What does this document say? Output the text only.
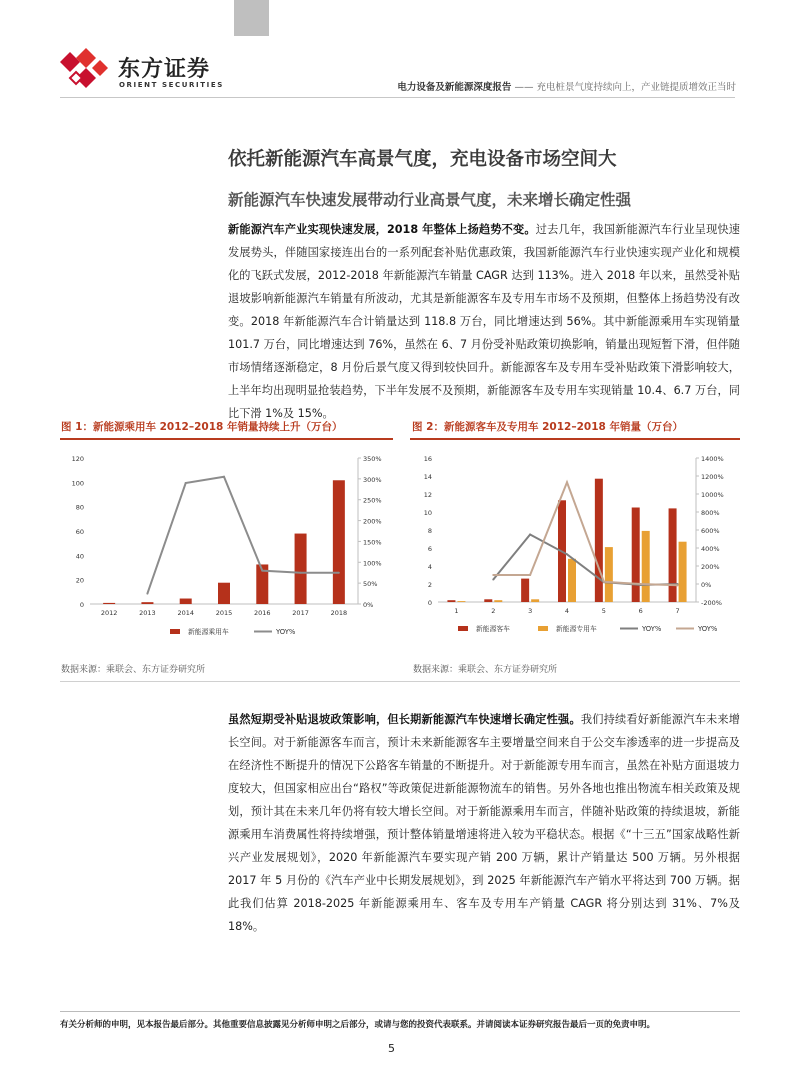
东方证券
ORIENT SECURITIES	电力设备及新能源深度报告 —— 充电桩景气度持续向上，产业链提质增效正当时
依托新能源汽车高景气度，充电设备市场空间大
新能源汽车快速发展带动行业高景气度，未来增长确定性强

新能源汽车产业实现快速发展，2018 年整体上扬趋势不变。过去几年，我国新能源汽车行业呈现快速发展势头，伴随国家接连出台的一系列配套补贴优惠政策，我国新能源汽车行业快速实现产业化和规模化的飞跃式发展，2012-2018 年新能源汽车销量 CAGR 达到 113%。进入 2018 年以来，虽然受补贴退坡影响新能源汽车销量有所波动，尤其是新能源客车及专用车市场不及预期，但整体上扬趋势没有改变。2018 年新能源汽车合计销量达到 118.8 万台，同比增速达到 56%。其中新能源乘用车实现销量 101.7 万台，同比增速达到 76%，虽然在 6、7 月份受补贴政策切换影响，销量出现短暂下滑，但伴随市场情绪逐渐稳定，8 月份后景气度又得到较快回升。新能源客车及专用车受补贴政策下滑影响较大，上半年均出现明显抢装趋势，下半年发展不及预期，新能源客车及专用车实现销量 10.4、6.7 万台，同比下滑 1%及 15%。

图 1：新能源乘用车 2012–2018 年销量持续上升（万台）	图 2：新能源客车及专用车 2012–2018 年销量（万台）
0
20
40
60
80
100
120
0%
50%
100%
150%
200%
250%
300%
350%
2012	2013	2014	2015	2016	2017	2018
新能源乘用车	YOY%
0
2
4
6
8
10
12
14
16
-200%
0%
200%
400%
600%
800%
1000%
1200%
1400%
1	2	3	4	5	6	7
新能源客车	新能源专用车	YOY%	YOY%
数据来源：乘联会、东方证券研究所	数据来源：乘联会、东方证券研究所

虽然短期受补贴退坡政策影响，但长期新能源汽车快速增长确定性强。我们持续看好新能源汽车未来增长空间。对于新能源客车而言，预计未来新能源客车主要增量空间来自于公交车渗透率的进一步提高及在经济性不断提升的情况下公路客车销量的不断提升。对于新能源专用车而言，虽然在补贴方面退坡力度较大，但国家相应出台“路权”等政策促进新能源物流车的销售。另外各地也推出物流车相关政策及规划，预计其在未来几年仍将有较大增长空间。对于新能源乘用车而言，伴随补贴政策的持续退坡，新能源乘用车消费属性将持续增强，预计整体销量增速将进入较为平稳状态。根据《“十三五”国家战略性新兴产业发展规划》，2020 年新能源汽车要实现产销 200 万辆，累计产销量达 500 万辆。另外根据 2017 年 5 月份的《汽车产业中长期发展规划》，到 2025 年新能源汽车产销水平将达到 700 万辆。据此我们估算 2018-2025 年新能源乘用车、客车及专用车产销量 CAGR 将分别达到 31%、7%及 18%。

有关分析师的申明，见本报告最后部分。其他重要信息披露见分析师申明之后部分，或请与您的投资代表联系。并请阅读本证券研究报告最后一页的免责申明。
5
